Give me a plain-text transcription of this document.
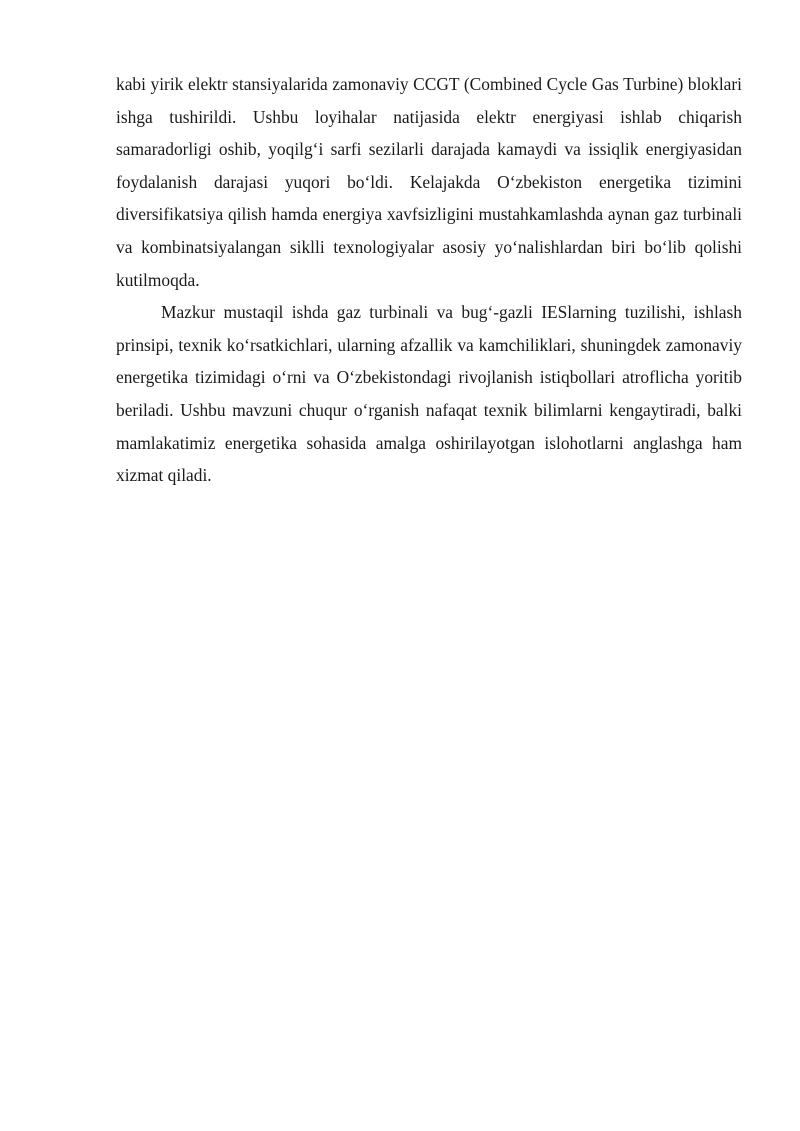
kabi yirik elektr stansiyalarida zamonaviy CCGT (Combined Cycle Gas Turbine) bloklari ishga tushirildi. Ushbu loyihalar natijasida elektr energiyasi ishlab chiqarish samaradorligi oshib, yoqilg‘i sarfi sezilarli darajada kamaydi va issiqlik energiyasidan foydalanish darajasi yuqori bo‘ldi. Kelajakda O‘zbekiston energetika tizimini diversifikatsiya qilish hamda energiya xavfsizligini mustahkamlashda aynan gaz turbinali va kombinatsiyalangan siklli texnologiyalar asosiy yo‘nalishlardan biri bo‘lib qolishi kutilmoqda.

Mazkur mustaqil ishda gaz turbinali va bug‘-gazli IESlarning tuzilishi, ishlash prinsipi, texnik ko‘rsatkichlari, ularning afzallik va kamchiliklari, shuningdek zamonaviy energetika tizimidagi o‘rni va O‘zbekistondagi rivojlanish istiqbollari atroflicha yoritib beriladi. Ushbu mavzuni chuqur o‘rganish nafaqat texnik bilimlarni kengaytiradi, balki mamlakatimiz energetika sohasida amalga oshirilayotgan islohotlarni anglashga ham xizmat qiladi.
